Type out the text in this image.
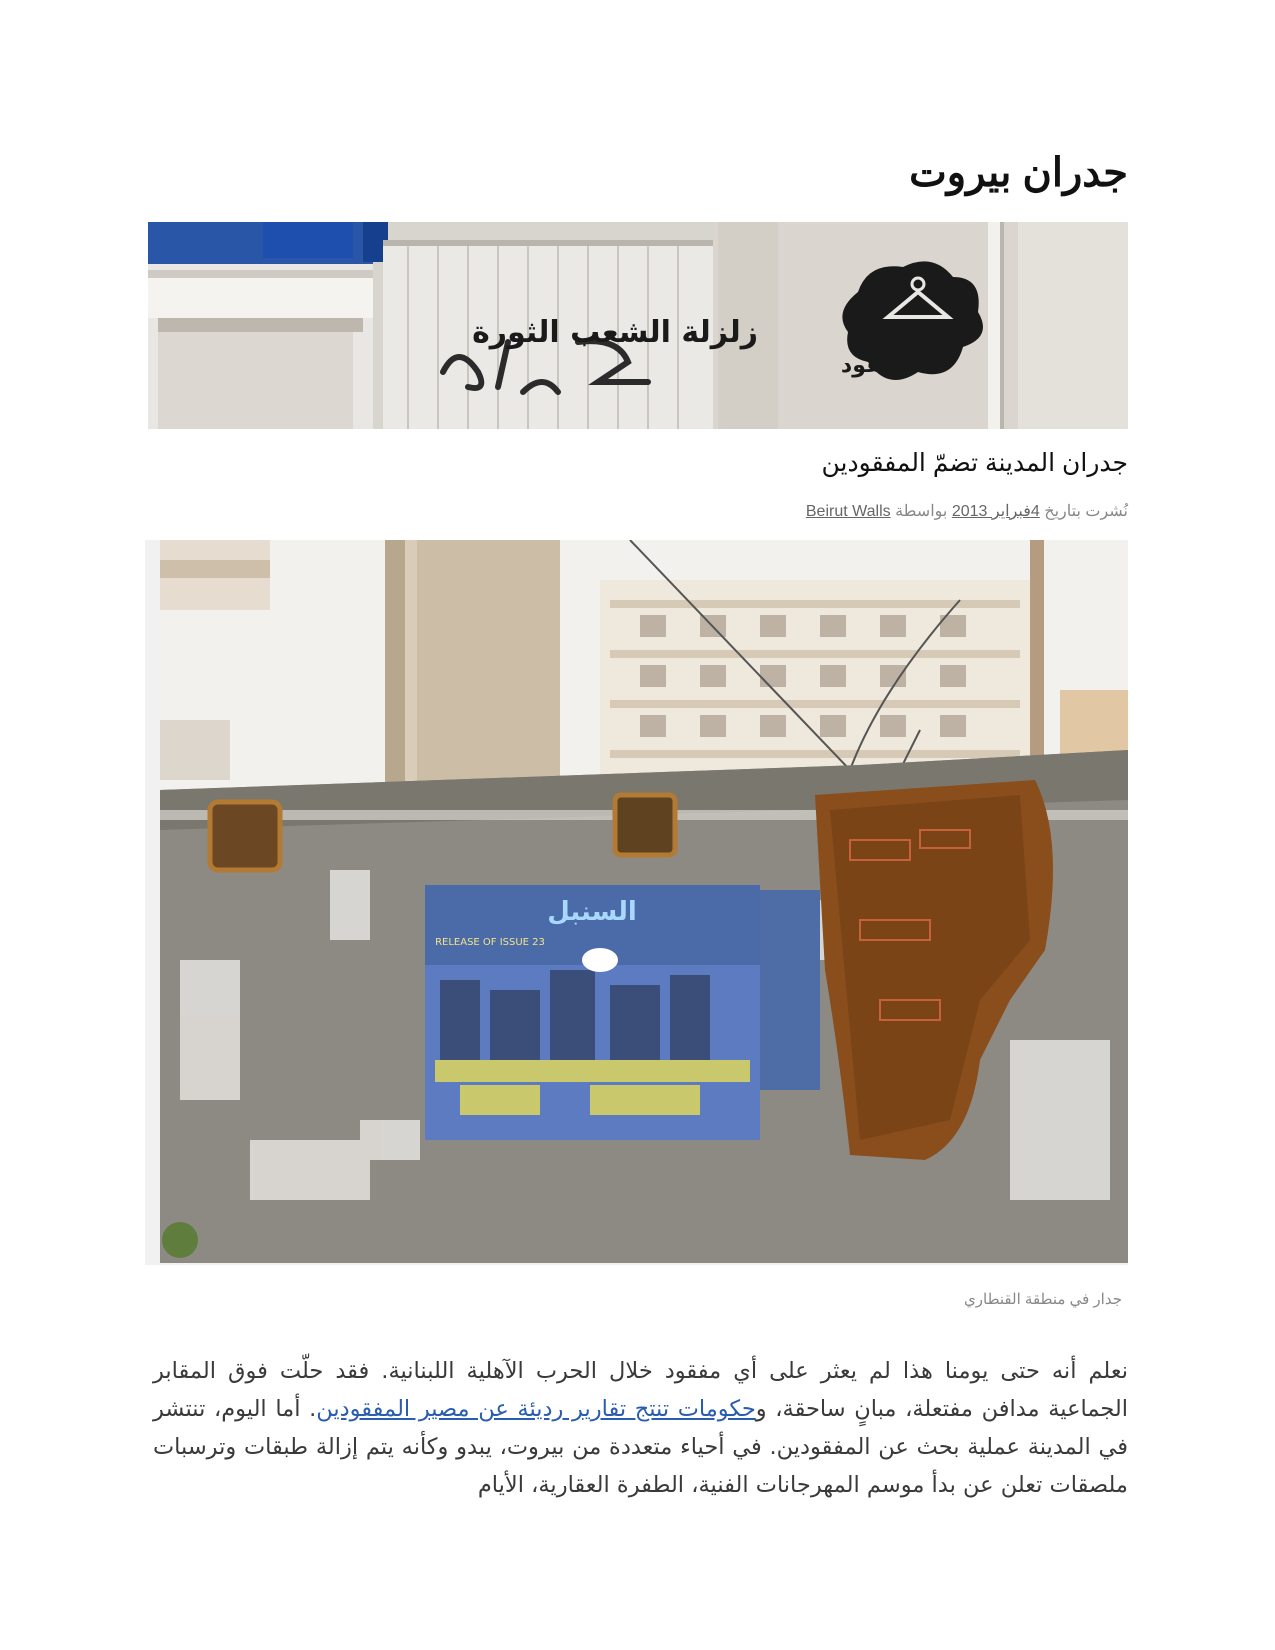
جدران بيروت
زلزلة الشعب الثورة
انا مفقود
جدران المدينة تضمّ المفقودين
نُشرت بتاريخ 4فبراير 2013 بواسطة Beirut Walls
السنبل
RELEASE OF ISSUE 23
جدار في منطقة القنطاري

نعلم أنه حتى يومنا هذا لم يعثر على أي مفقود خلال الحرب الآهلية اللبنانية. فقد حلّت فوق المقابر الجماعية مدافن مفتعلة، مبانٍ ساحقة، وحكومات تنتج تقارير رديئة عن مصير المفقودين. أما اليوم، تنتشر في المدينة عملية بحث عن المفقودين. في أحياء متعددة من بيروت، يبدو وكأنه يتم إزالة طبقات وترسبات ملصقات تعلن عن بدأ موسم المهرجانات الفنية، الطفرة العقارية، الأيام
